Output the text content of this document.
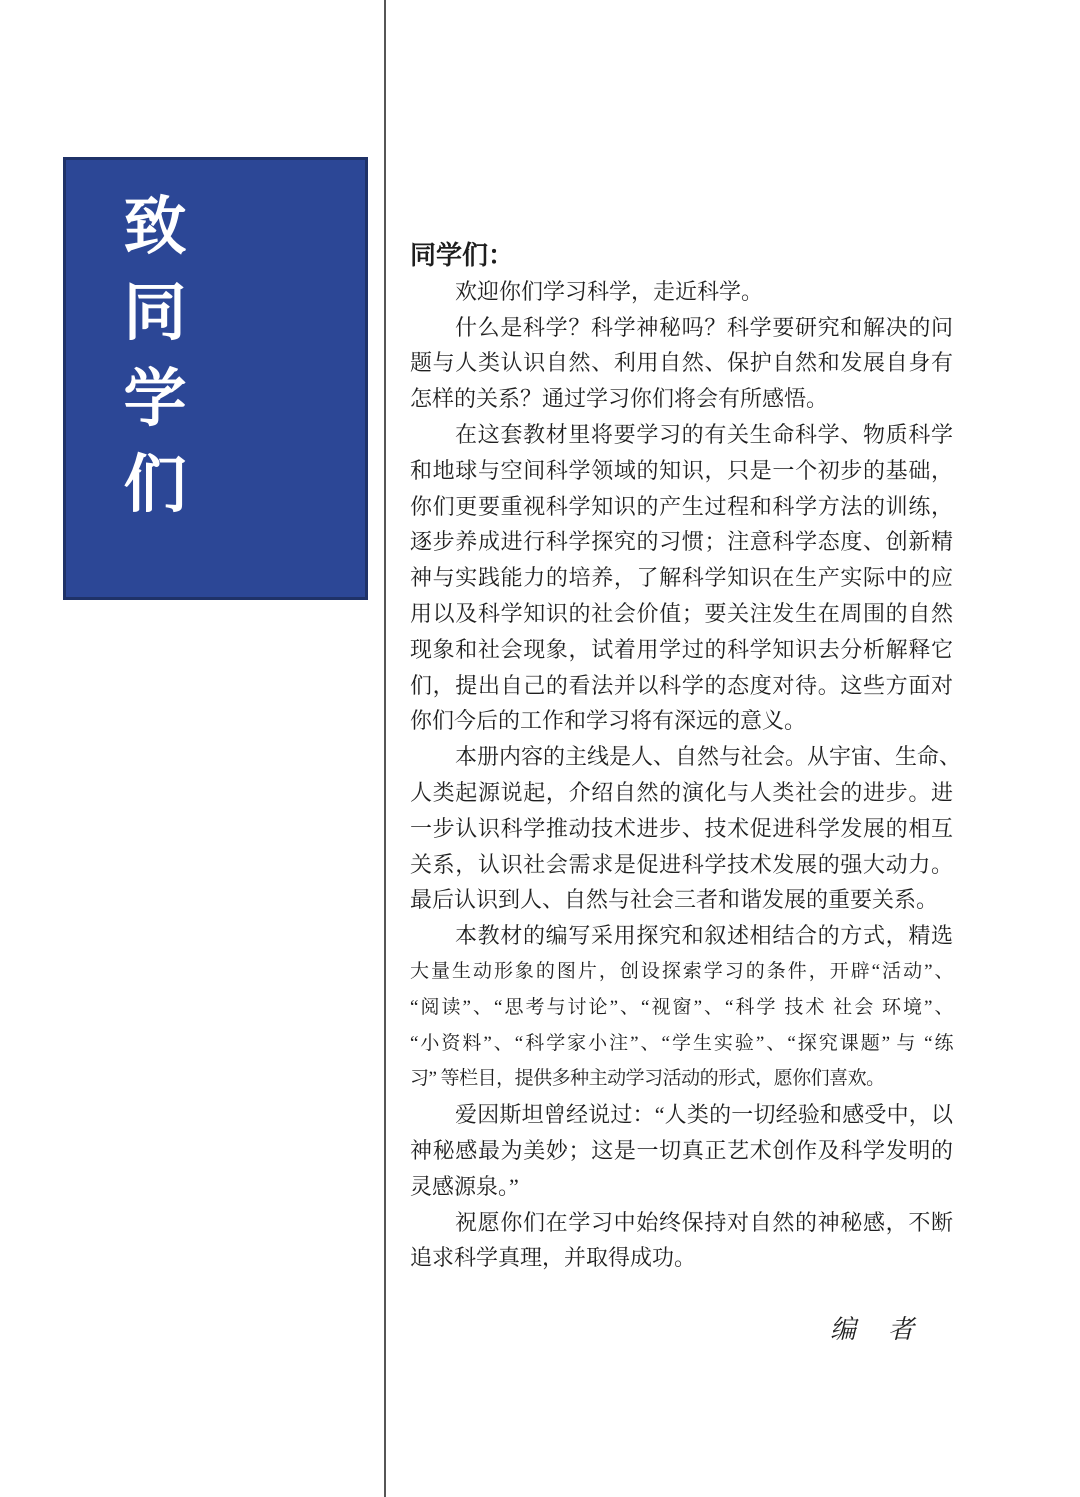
致
同
学
们
同学们：
欢迎你们学习科学，走近科学。
什么是科学？科学神秘吗？科学要研究和解决的问
题与人类认识自然、利用自然、保护自然和发展自身有
怎样的关系？通过学习你们将会有所感悟。
在这套教材里将要学习的有关生命科学、物质科学
和地球与空间科学领域的知识，只是一个初步的基础，
你们更要重视科学知识的产生过程和科学方法的训练，
逐步养成进行科学探究的习惯；注意科学态度、创新精
神与实践能力的培养，了解科学知识在生产实际中的应
用以及科学知识的社会价值；要关注发生在周围的自然
现象和社会现象，试着用学过的科学知识去分析解释它
们，提出自己的看法并以科学的态度对待。这些方面对
你们今后的工作和学习将有深远的意义。
本册内容的主线是人、自然与社会。从宇宙、生命、
人类起源说起，介绍自然的演化与人类社会的进步。进
一步认识科学推动技术进步、技术促进科学发展的相互
关系，认识社会需求是促进科学技术发展的强大动力。
最后认识到人、自然与社会三者和谐发展的重要关系。
本教材的编写采用探究和叙述相结合的方式，精选
大量生动形象的图片，创设探索学习的条件，开辟“活动”、
“阅读”、“思考与讨论”、“视窗”、“科学 技术 社会 环境”、
“小资料”、“科学家小注”、“学生实验”、“探究课题” 与 “练
习” 等栏目，提供多种主动学习活动的形式，愿你们喜欢。
爱因斯坦曾经说过：“人类的一切经验和感受中，以
神秘感最为美妙；这是一切真正艺术创作及科学发明的
灵感源泉。”
祝愿你们在学习中始终保持对自然的神秘感，不断
追求科学真理，并取得成功。
编　者
